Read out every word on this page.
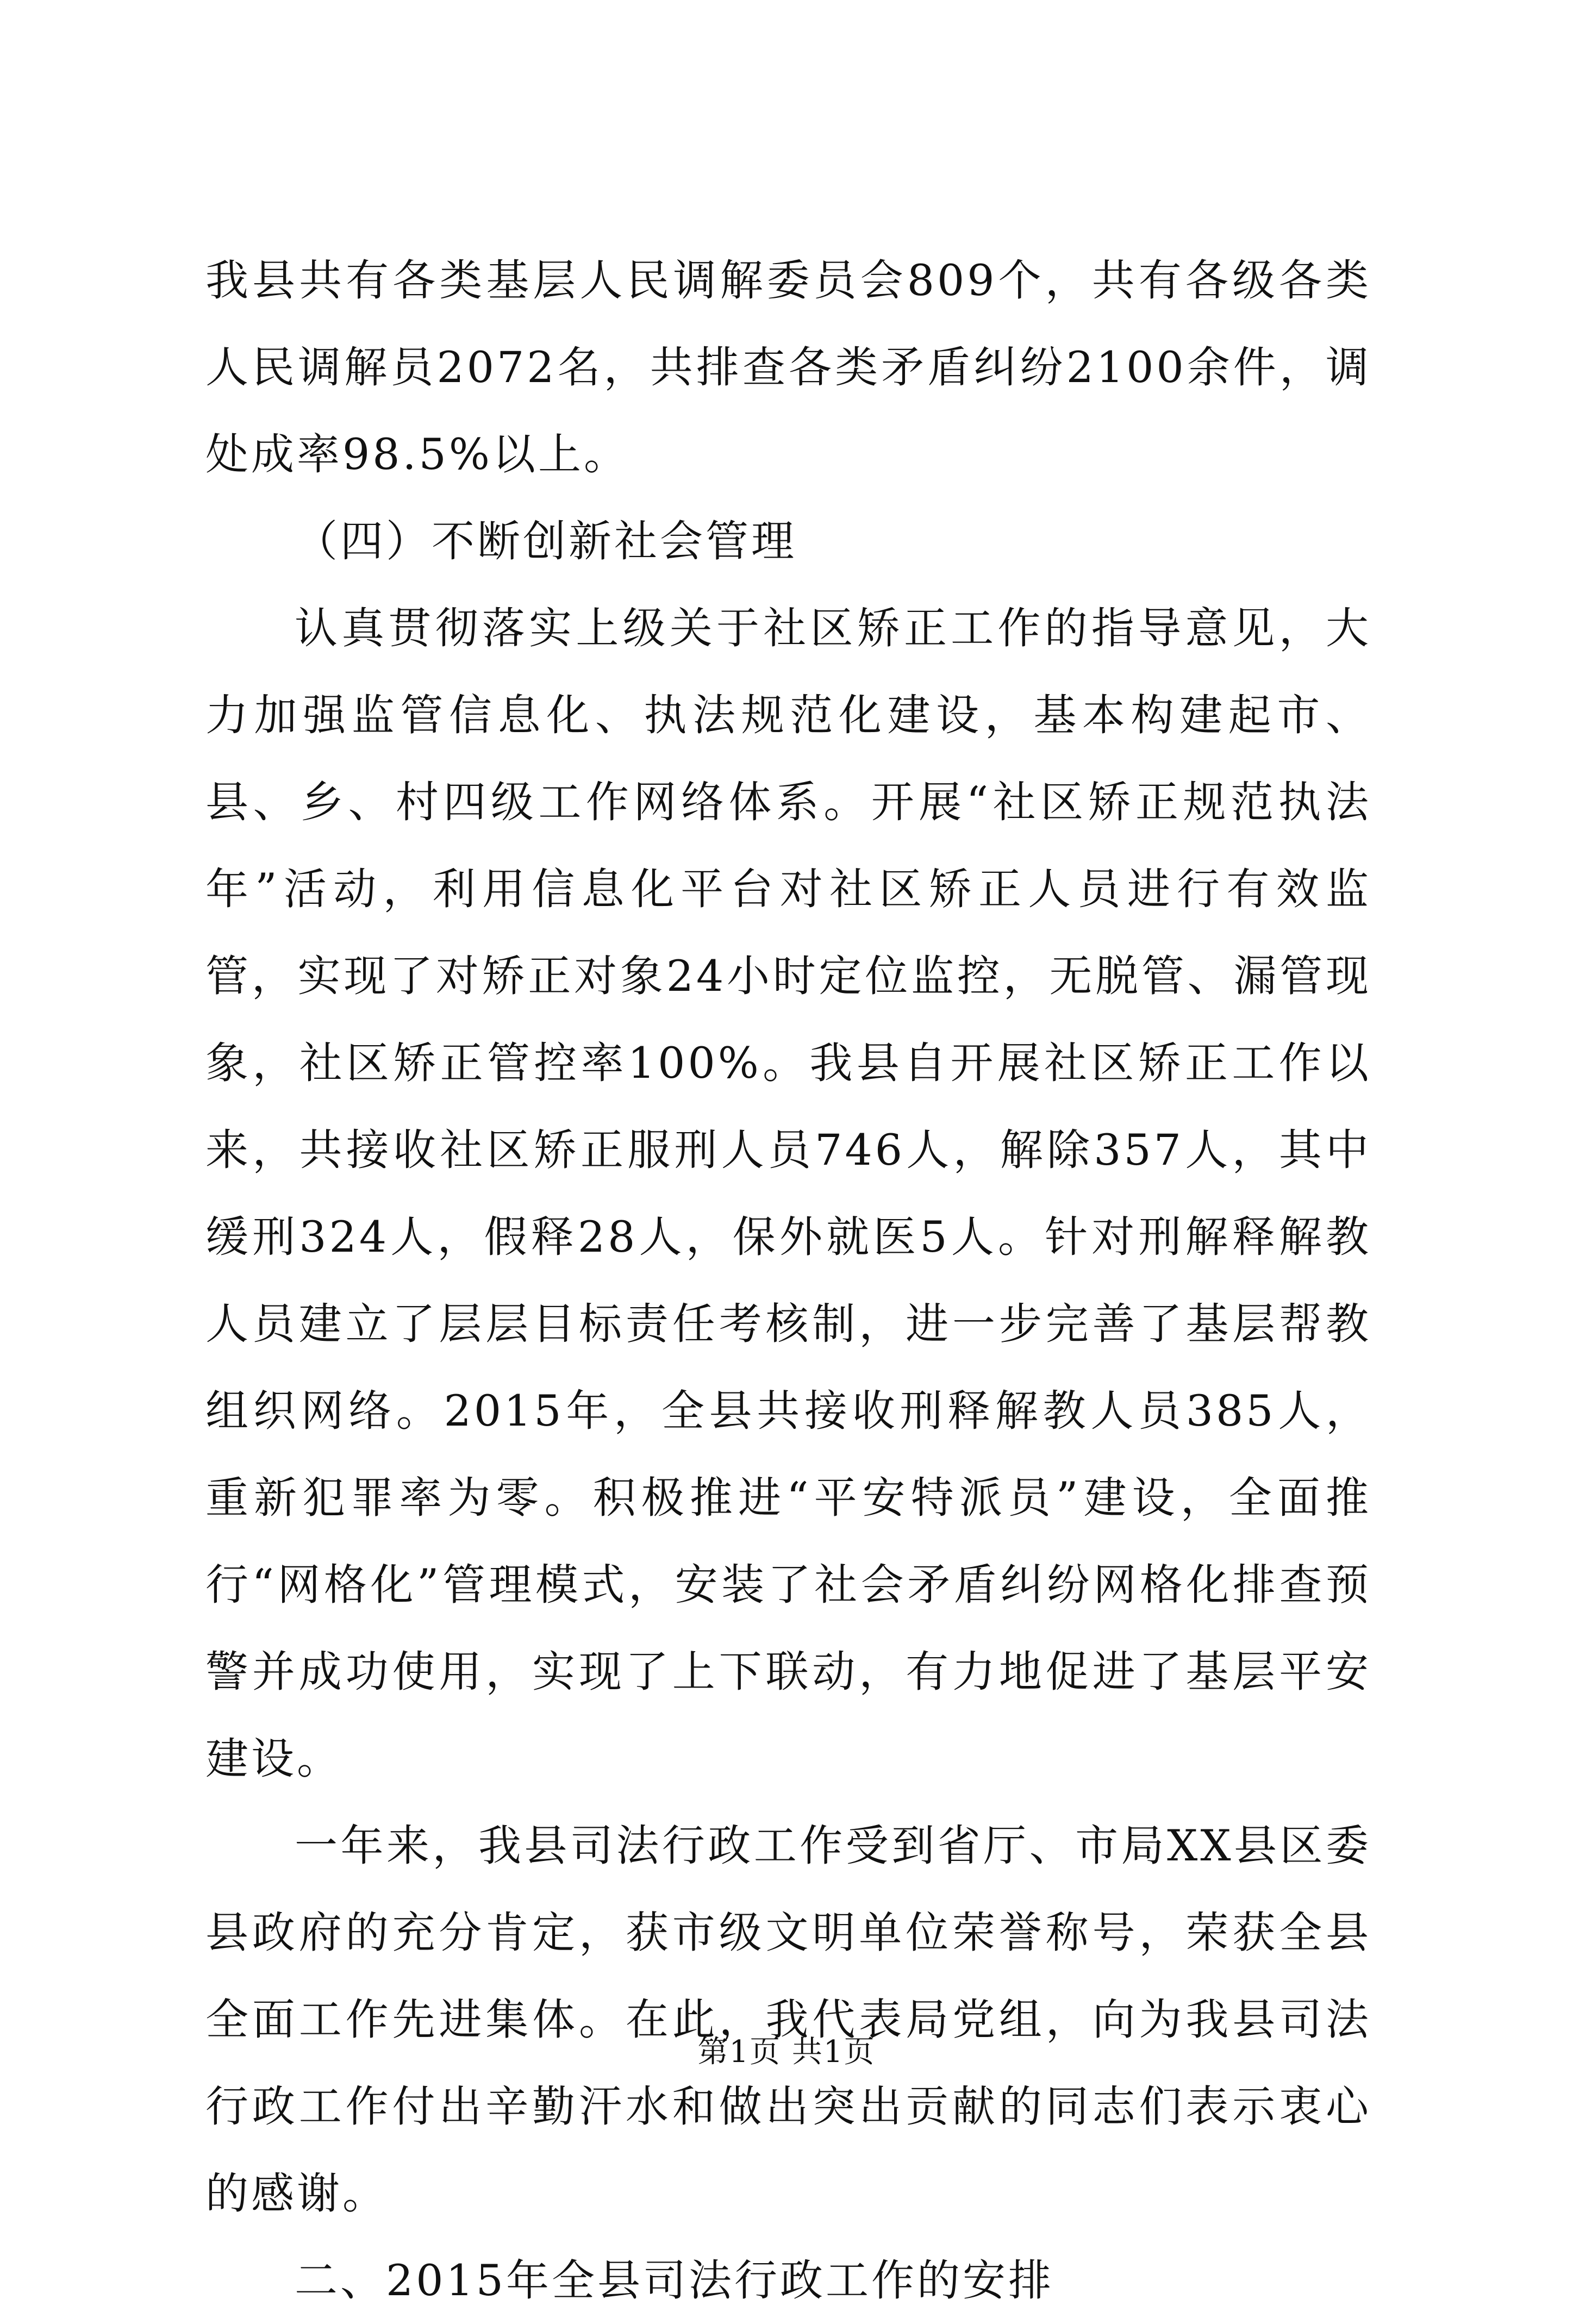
我县共有各类基层人民调解委员会809个，共有各级各类人民调解员2072名，共排查各类矛盾纠纷2100余件，调处成率98.5%以上。

（四）不断创新社会管理

认真贯彻落实上级关于社区矫正工作的指导意见，大力加强监管信息化、执法规范化建设，基本构建起市、县、乡、村四级工作网络体系。开展“社区矫正规范执法年”活动，利用信息化平台对社区矫正人员进行有效监管，实现了对矫正对象24小时定位监控，无脱管、漏管现象，社区矫正管控率100%。我县自开展社区矫正工作以来，共接收社区矫正服刑人员746人，解除357人，其中缓刑324人，假释28人，保外就医5人。针对刑解释解教人员建立了层层目标责任考核制，进一步完善了基层帮教组织网络。2015年，全县共接收刑释解教人员385人，重新犯罪率为零。积极推进“平安特派员”建设，全面推行“网格化”管理模式，安装了社会矛盾纠纷网格化排查预警并成功使用，实现了上下联动，有力地促进了基层平安建设。

一年来，我县司法行政工作受到省厅、市局XX县区委县政府的充分肯定，获市级文明单位荣誉称号，荣获全县全面工作先进集体。在此，我代表局党组，向为我县司法行政工作付出辛勤汗水和做出突出贡献的同志们表示衷心的感谢。

二、2015年全县司法行政工作的安排

第1页 共1页
